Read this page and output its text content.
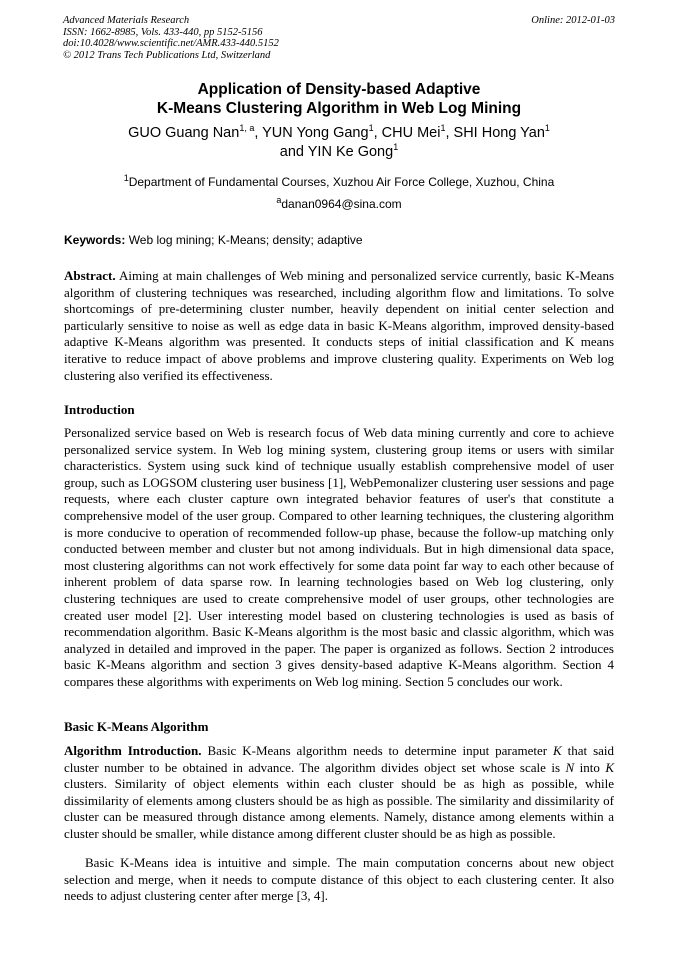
Advanced Materials Research
ISSN: 1662-8985, Vols. 433-440, pp 5152-5156
doi:10.4028/www.scientific.net/AMR.433-440.5152
© 2012 Trans Tech Publications Ltd, Switzerland
Online: 2012-01-03
Application of Density-based Adaptive
K-Means Clustering Algorithm in Web Log Mining
GUO Guang Nan$^{1, a}$, YUN Yong Gang$^1$, CHU Mei$^1$, SHI Hong Yan$^1$
and YIN Ke Gong$^1$
$^1$Department of Fundamental Courses, Xuzhou Air Force College, Xuzhou, China
$^a$danan0964@sina.com
Keywords: Web log mining; K-Means; density; adaptive

Abstract. Aiming at main challenges of Web mining and personalized service currently, basic K-Means algorithm of clustering techniques was researched, including algorithm flow and limitations. To solve shortcomings of pre-determining cluster number, heavily dependent on initial center selection and particularly sensitive to noise as well as edge data in basic K-Means algorithm, improved density-based adaptive K-Means algorithm was presented. It conducts steps of initial classification and K means iterative to reduce impact of above problems and improve clustering quality. Experiments on Web log clustering also verified its effectiveness.

Introduction

Personalized service based on Web is research focus of Web data mining currently and core to achieve personalized service system. In Web log mining system, clustering group items or users with similar characteristics. System using suck kind of technique usually establish comprehensive model of user group, such as LOGSOM clustering user business [1], WebPemonalizer clustering user sessions and page requests, where each cluster capture own integrated behavior features of user's that constitute a comprehensive model of the user group. Compared to other learning techniques, the clustering algorithm is more conducive to operation of recommended follow-up phase, because the follow-up matching only conducted between member and cluster but not among individuals. But in high dimensional data space, most clustering algorithms can not work effectively for some data point far way to each other because of inherent problem of data sparse row. In learning technologies based on Web log clustering, only clustering techniques are used to create comprehensive model of user groups, other technologies are created user model [2]. User interesting model based on clustering technologies is used as basis of recommendation algorithm. Basic K-Means algorithm is the most basic and classic algorithm, which was analyzed in detailed and improved in the paper. The paper is organized as follows. Section 2 introduces basic K-Means algorithm and section 3 gives density-based adaptive K-Means algorithm. Section 4 compares these algorithms with experiments on Web log mining. Section 5 concludes our work.

Basic K-Means Algorithm

Algorithm Introduction. Basic K-Means algorithm needs to determine input parameter K that said cluster number to be obtained in advance. The algorithm divides object set whose scale is N into K clusters. Similarity of object elements within each cluster should be as high as possible, while dissimilarity of elements among clusters should be as high as possible. The similarity and dissimilarity of cluster can be measured through distance among elements. Namely, distance among elements within a cluster should be smaller, while distance among different cluster should be as high as possible.

Basic K-Means idea is intuitive and simple. The main computation concerns about new object selection and merge, when it needs to compute distance of this object to each clustering center. It also needs to adjust clustering center after merge [3, 4].
